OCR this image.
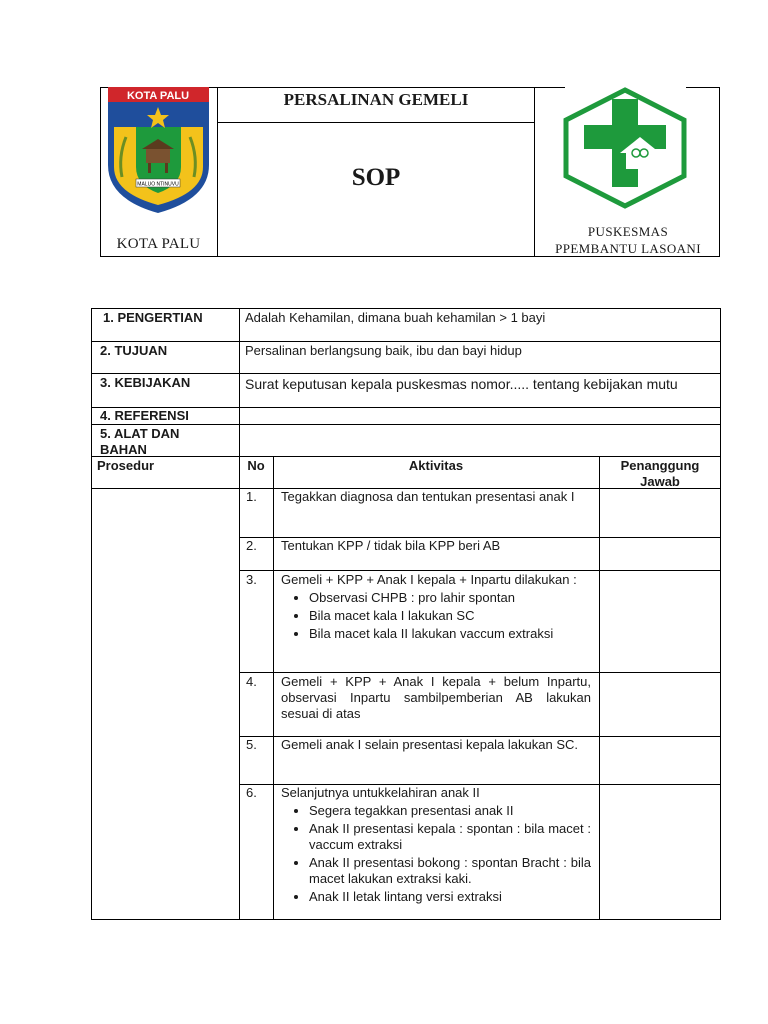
KOTA PALU
MALUO NTINUVU
KOTA PALU
PERSALINAN GEMELI
SOP
PUSKESMAS
PPEMBANTU LASOANI
1. PENGERTIAN	Adalah Kehamilan, dimana buah kehamilan > 1 bayi
2. TUJUAN	Persalinan berlangsung baik, ibu dan bayi hidup
3. KEBIJAKAN	Surat keputusan kepala puskesmas nomor..... tentang kebijakan mutu
4. REFERENSI
5. ALAT DAN BAHAN
Prosedur	No	Aktivitas	Penanggung Jawab
1. Tegakkan diagnosa dan tentukan presentasi anak I
2. Tentukan KPP / tidak bila KPP beri AB
3. Gemeli + KPP + Anak I kepala + Inpartu dilakukan :
• Observasi CHPB : pro lahir spontan
• Bila macet kala I lakukan SC
• Bila macet kala II lakukan vaccum extraksi
4. Gemeli + KPP + Anak I kepala + belum Inpartu, observasi Inpartu sambilpemberian AB lakukan sesuai di atas
5. Gemeli anak I selain presentasi kepala lakukan SC.
6. Selanjutnya untukkelahiran anak II
• Segera tegakkan presentasi anak II
• Anak II presentasi kepala : spontan : bila macet : vaccum extraksi
• Anak II presentasi bokong : spontan Bracht : bila macet lakukan extraksi kaki.
• Anak II letak lintang versi extraksi
